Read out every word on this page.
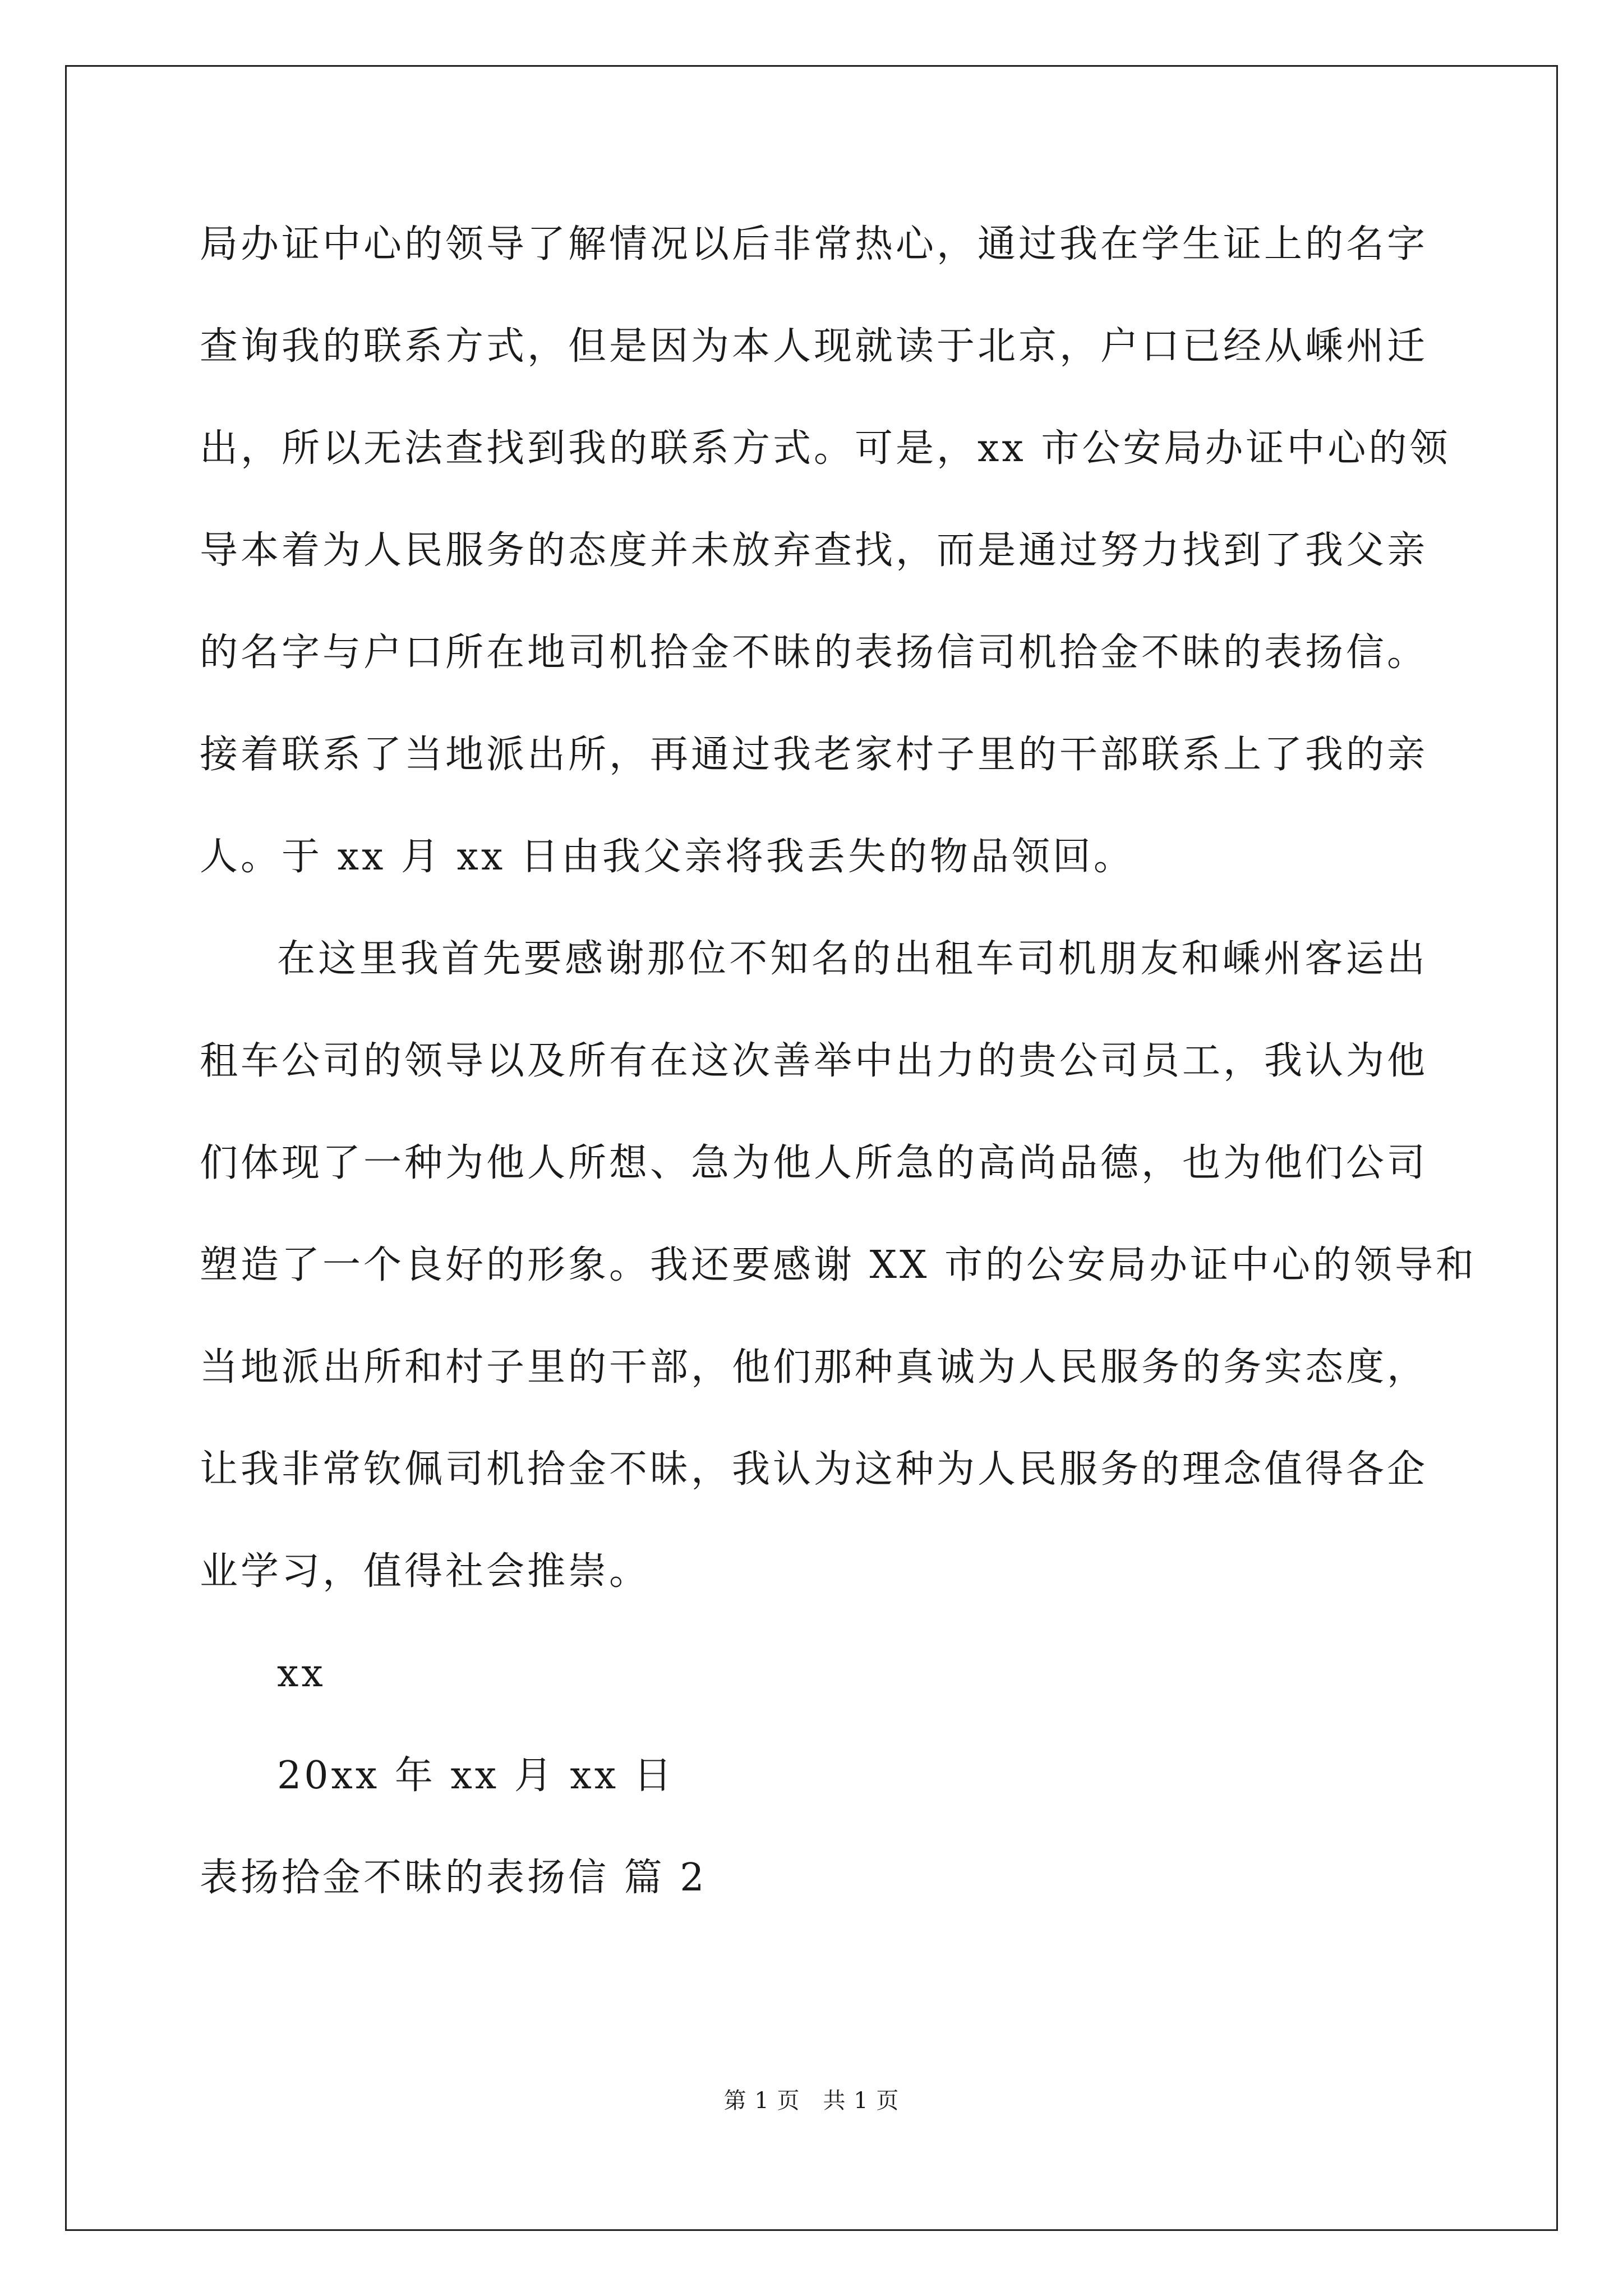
局办证中心的领导了解情况以后非常热心，通过我在学生证上的名字
查询我的联系方式，但是因为本人现就读于北京，户口已经从嵊州迁
出，所以无法查找到我的联系方式。可是，xx 市公安局办证中心的领
导本着为人民服务的态度并未放弃查找，而是通过努力找到了我父亲
的名字与户口所在地司机拾金不昧的表扬信司机拾金不昧的表扬信。
接着联系了当地派出所，再通过我老家村子里的干部联系上了我的亲
人。于 xx 月 xx 日由我父亲将我丢失的物品领回。
在这里我首先要感谢那位不知名的出租车司机朋友和嵊州客运出
租车公司的领导以及所有在这次善举中出力的贵公司员工，我认为他
们体现了一种为他人所想、急为他人所急的高尚品德，也为他们公司
塑造了一个良好的形象。我还要感谢 XX 市的公安局办证中心的领导和
当地派出所和村子里的干部，他们那种真诚为人民服务的务实态度，
让我非常钦佩司机拾金不昧，我认为这种为人民服务的理念值得各企
业学习，值得社会推崇。
xx
20xx 年 xx 月 xx 日
表扬拾金不昧的表扬信 篇 2
第 1 页　共 1 页
